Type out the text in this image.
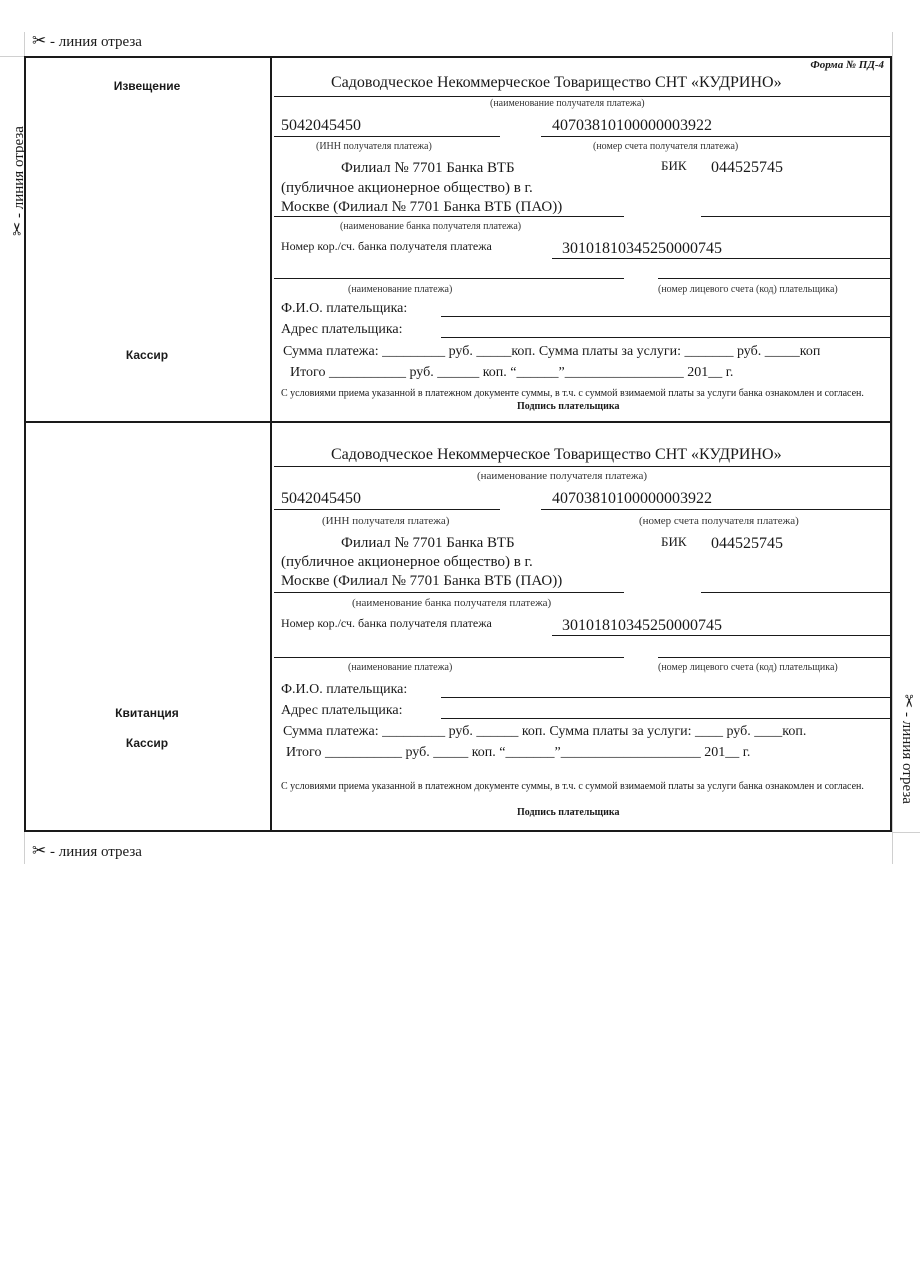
✂ - линия отреза
✂ - линия отреза
✂ - линия отреза
✂ - линия отреза
Форма № ПД-4
Извещение
Кассир
Садоводческое Некоммерческое Товарищество СНТ «КУДРИНО»
(наименование получателя платежа)
5042045450	40703810100000003922
(ИНН получателя платежа)	(номер счета получателя платежа)
Филиал № 7701 Банка ВТБ
(публичное акционерное общество) в г.
Москве (Филиал № 7701 Банка ВТБ (ПАО))
БИК 044525745
(наименование банка получателя платежа)
Номер кор./сч. банка получателя платежа	30101810345250000745
(наименование платежа)	(номер лицевого счета (код) плательщика)
Ф.И.О. плательщика:
Адрес плательщика:
Сумма платежа: _________ руб. _____коп. Сумма платы за услуги: _______ руб. _____коп
Итого ___________ руб. ______ коп. “______”_________________ 201__ г.
С условиями приема указанной в платежном документе суммы, в т.ч. с суммой взимаемой платы за услуги банка ознакомлен и согласен.
Подпись плательщика
Квитанция
Кассир
Садоводческое Некоммерческое Товарищество СНТ «КУДРИНО»
(наименование получателя платежа)
5042045450	40703810100000003922
(ИНН получателя платежа)	(номер счета получателя платежа)
Филиал № 7701 Банка ВТБ
(публичное акционерное общество) в г.
Москве (Филиал № 7701 Банка ВТБ (ПАО))
БИК 044525745
(наименование банка получателя платежа)
Номер кор./сч. банка получателя платежа	30101810345250000745
(наименование платежа)	(номер лицевого счета (код) плательщика)
Ф.И.О. плательщика:
Адрес плательщика:
Сумма платежа: _________ руб. ______ коп. Сумма платы за услуги: ____ руб. ____коп.
Итого ___________ руб. _____ коп. “_______”____________________ 201__ г.
С условиями приема указанной в платежном документе суммы, в т.ч. с суммой взимаемой платы за услуги банка ознакомлен и согласен.
Подпись плательщика
